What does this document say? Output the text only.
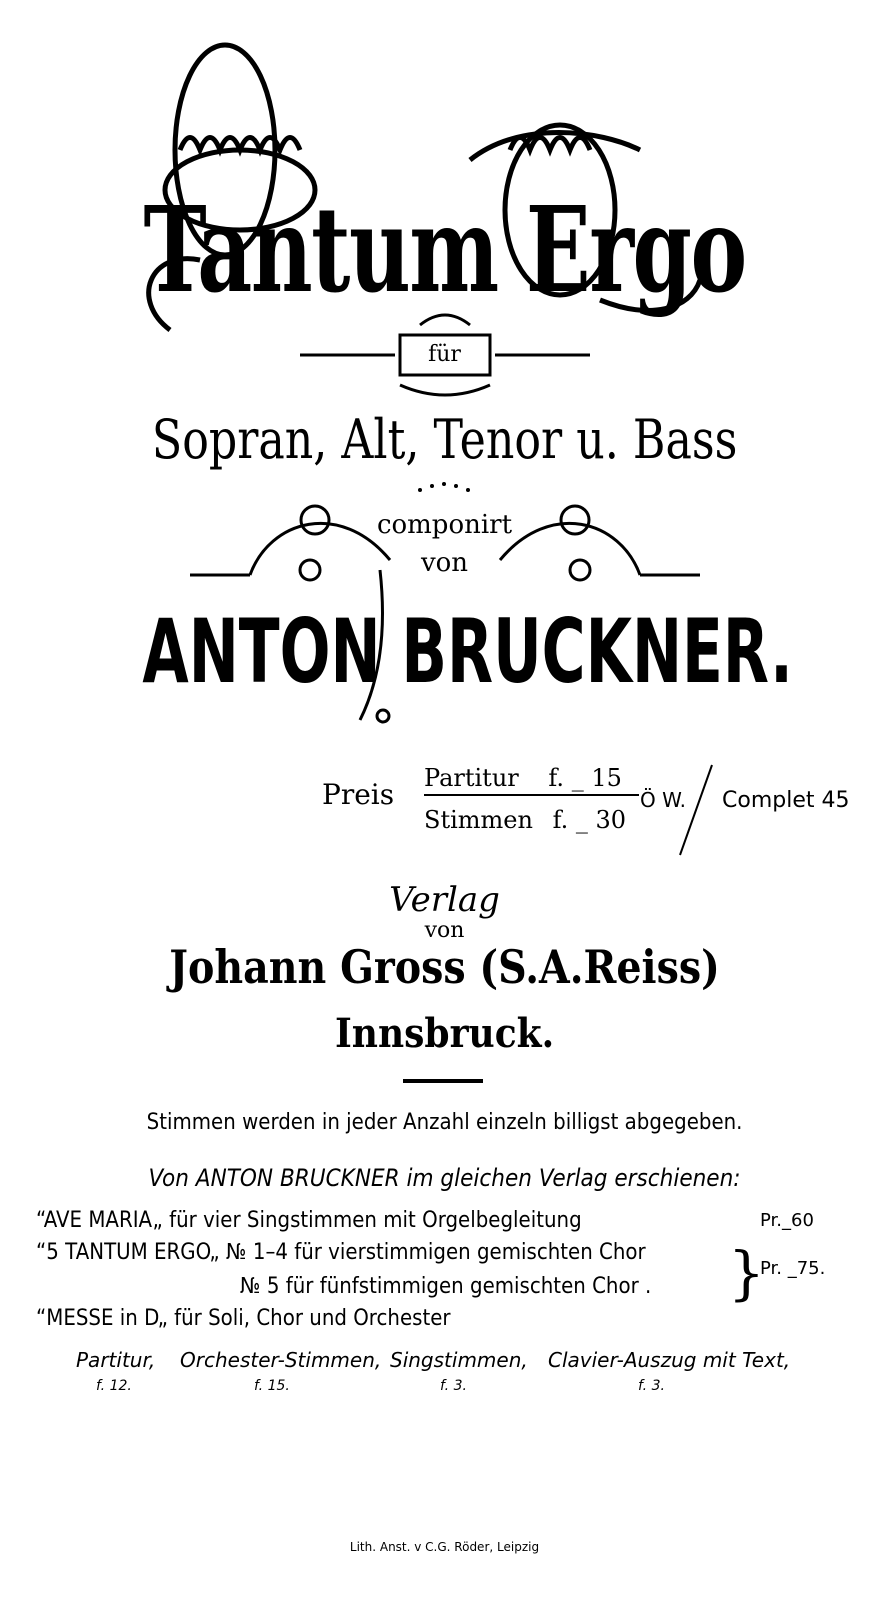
Tantum Ergo
für
Sopran, Alt, Tenor u. Bass
componirt
von
ANTON BRUCKNER.
Preis Partitur f. _ 15
Stimmen f. _ 30
Ö W. Complet 45
Verlag
von
Johann Gross (S.A.Reiss)
Innsbruck.
Stimmen werden in jeder Anzahl einzeln billigst abgegeben.
Von ANTON BRUCKNER im gleichen Verlag erschienen:
“AVE MARIA„ für vier Singstimmen mit Orgelbegleitung	Pr._60
“5 TANTUM ERGO„ № 1–4 für vierstimmigen gemischten Chor
№ 5 für fünfstimmigen gemischten Chor . }
Pr. _75.
“MESSE in D„ für Soli, Chor und Orchester
Partitur,
f. 12.
Orchester-Stimmen,
f. 15.
Singstimmen,
f. 3.
Clavier-Auszug mit Text,
f. 3.
Lith. Anst. v C.G. Röder, Leipzig
